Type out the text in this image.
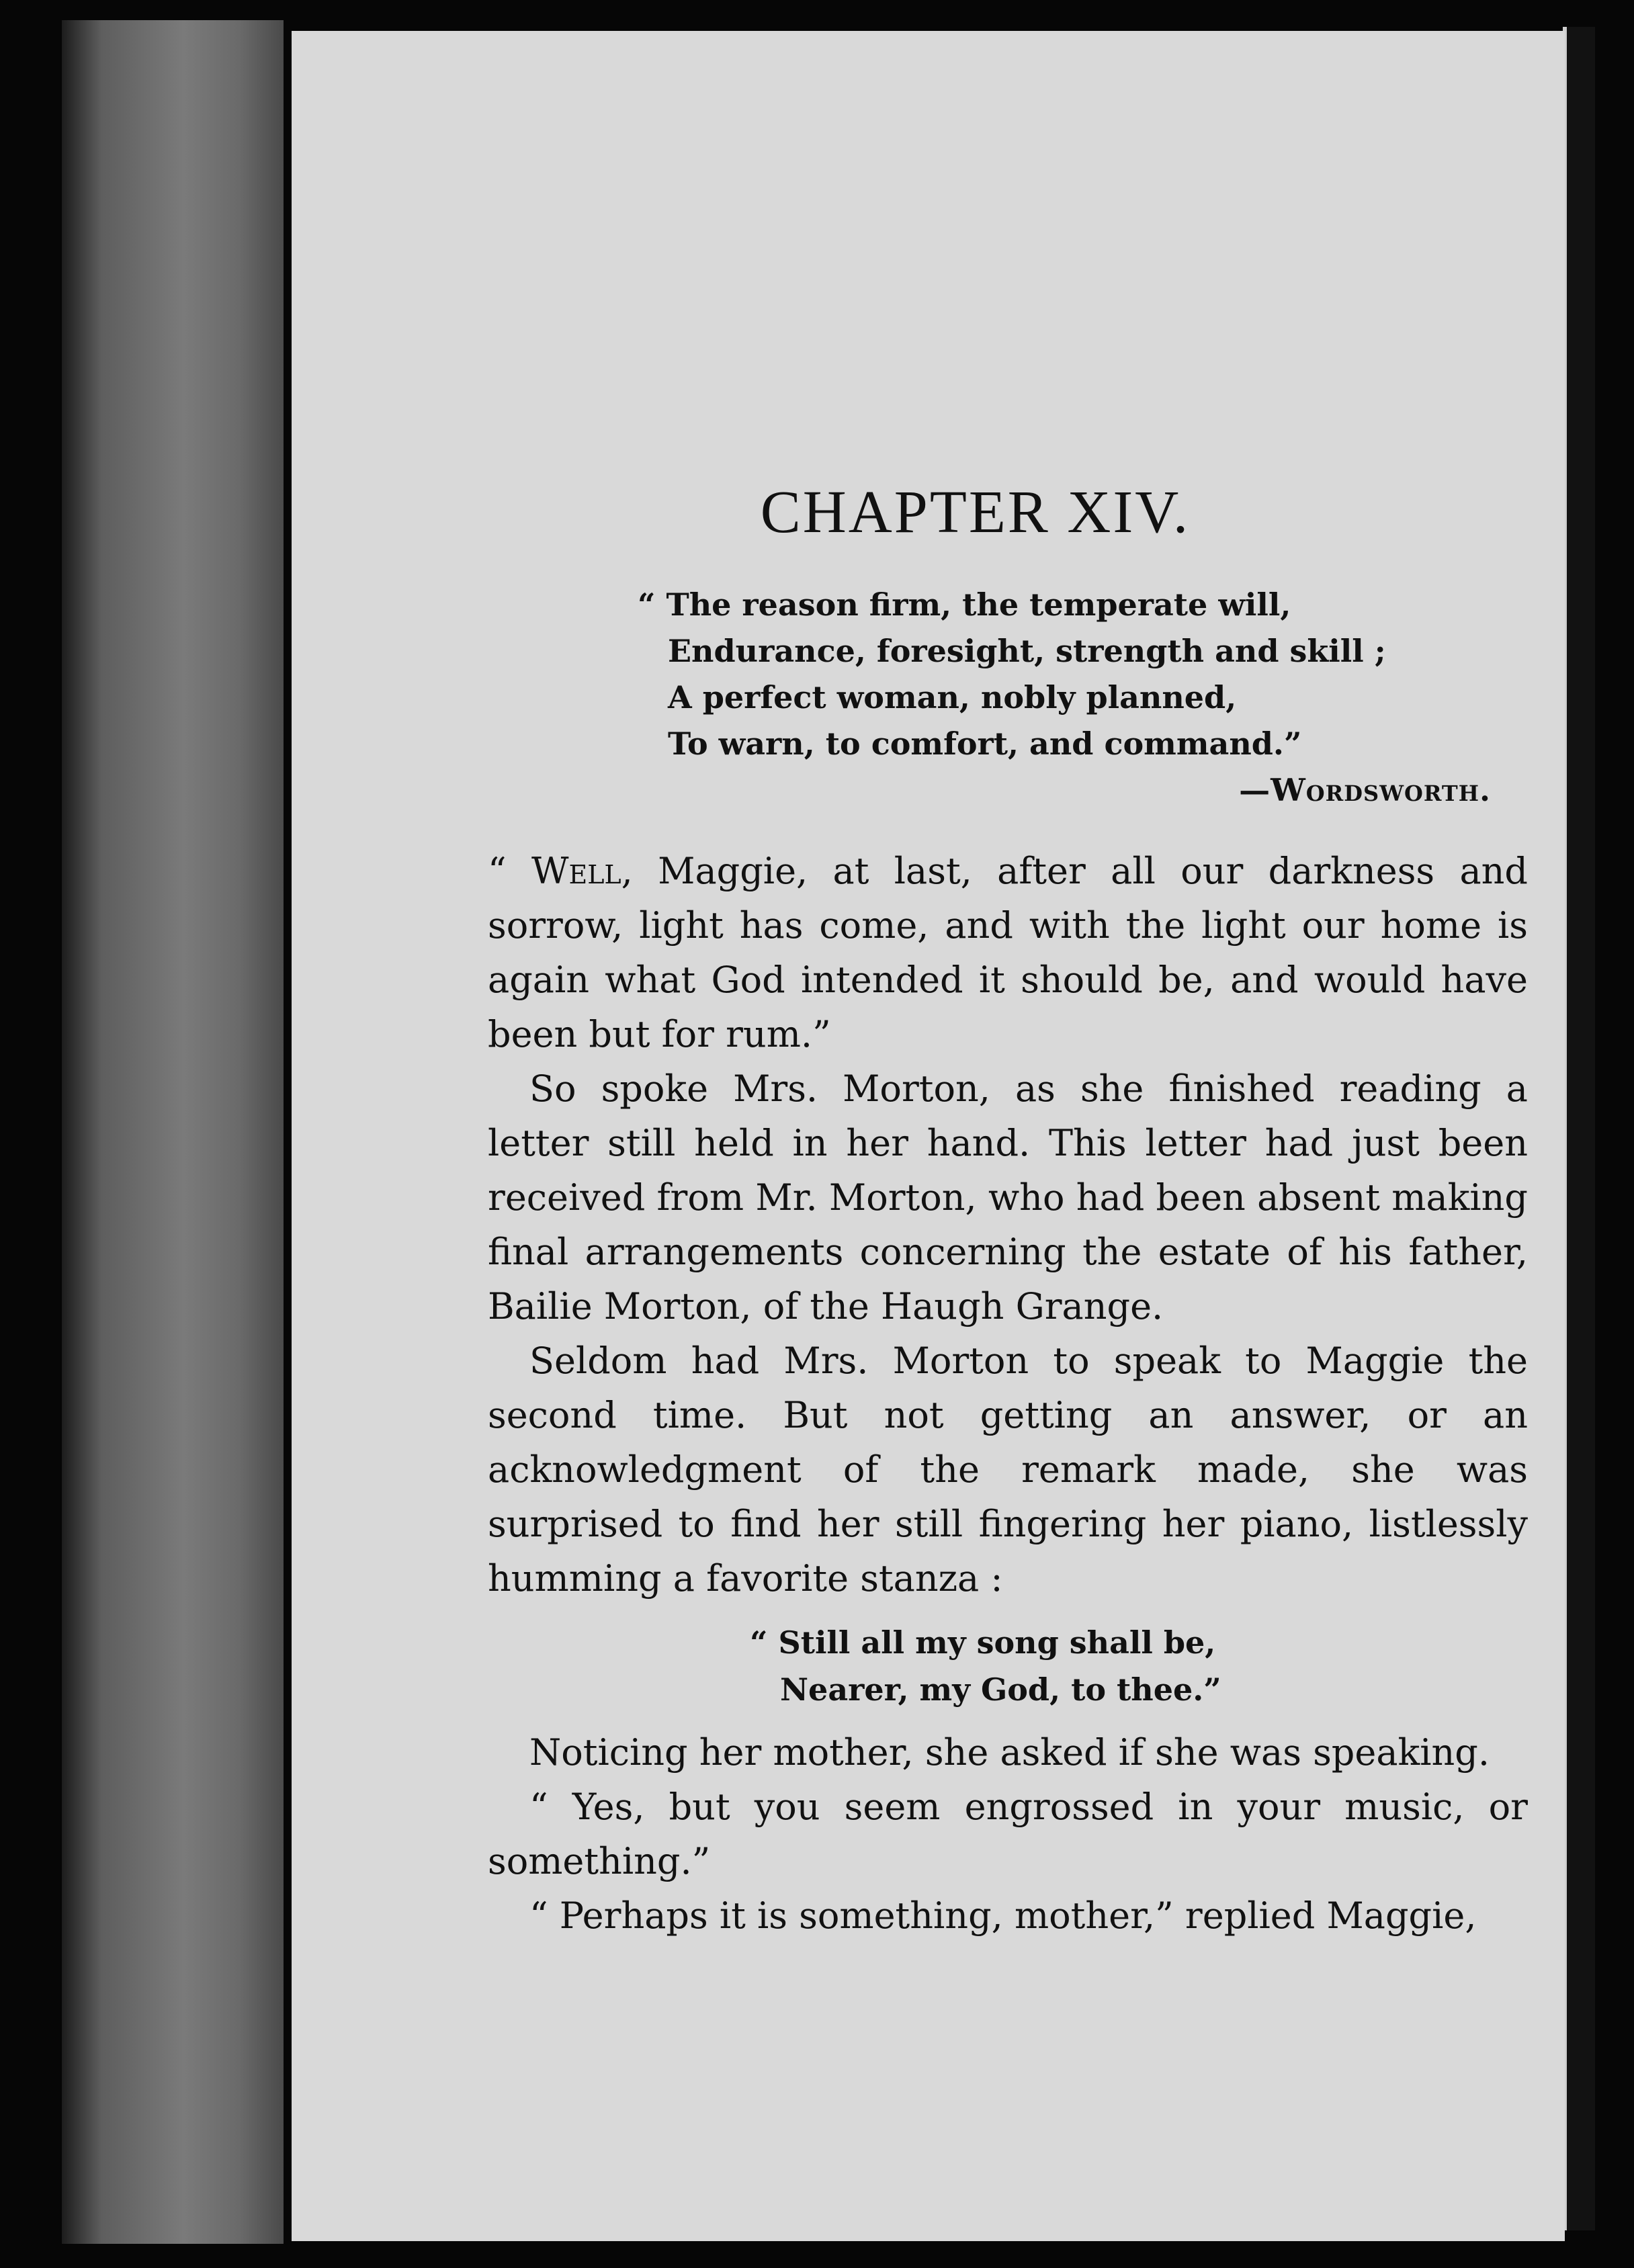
CHAPTER XIV.
“ The reason firm, the temperate will,
Endurance, foresight, strength and skill ;
A perfect woman, nobly planned,
To warn, to comfort, and command.”
—Wordsworth.

“ Well, Maggie, at last, after all our darkness and sorrow, light has come, and with the light our home is again what God intended it should be, and would have been but for rum.”

So spoke Mrs. Morton, as she finished reading a letter still held in her hand. This letter had just been received from Mr. Morton, who had been absent making final arrangements concerning the estate of his father, Bailie Morton, of the Haugh Grange.

Seldom had Mrs. Morton to speak to Maggie the second time. But not getting an answer, or an acknowledgment of the remark made, she was surprised to find her still fingering her piano, listlessly humming a favorite stanza :

“ Still all my song shall be,
Nearer, my God, to thee.”

Noticing her mother, she asked if she was speaking.

“ Yes, but you seem engrossed in your music, or something.”

“ Perhaps it is something, mother,” replied Maggie,
